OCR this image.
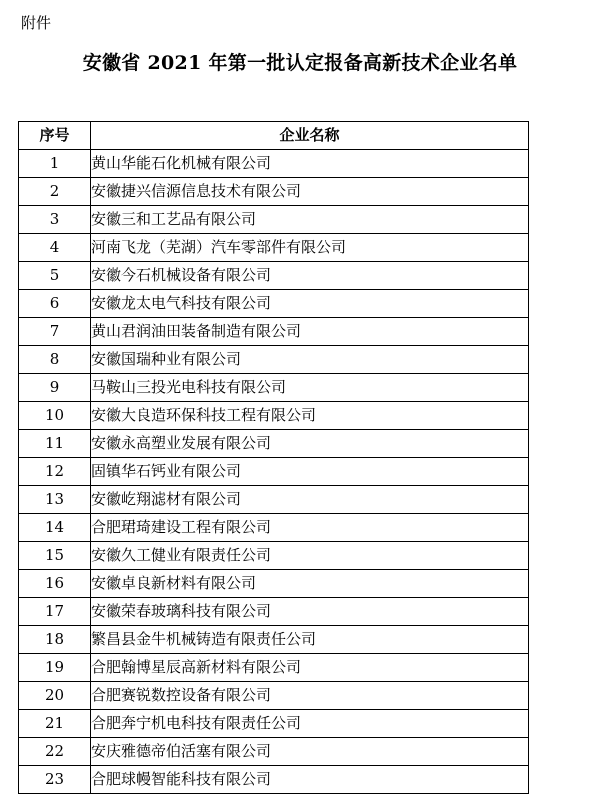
附件
安徽省 2021 年第一批认定报备高新技术企业名单
序号	企业名称
1	黄山华能石化机械有限公司
2	安徽捷兴信源信息技术有限公司
3	安徽三和工艺品有限公司
4	河南飞龙（芜湖）汽车零部件有限公司
5	安徽今石机械设备有限公司
6	安徽龙太电气科技有限公司
7	黄山君润油田装备制造有限公司
8	安徽国瑞种业有限公司
9	马鞍山三投光电科技有限公司
10	安徽大良造环保科技工程有限公司
11	安徽永高塑业发展有限公司
12	固镇华石钙业有限公司
13	安徽屹翔滤材有限公司
14	合肥珺琦建设工程有限公司
15	安徽久工健业有限责任公司
16	安徽卓良新材料有限公司
17	安徽荣春玻璃科技有限公司
18	繁昌县金牛机械铸造有限责任公司
19	合肥翰博星辰高新材料有限公司
20	合肥赛锐数控设备有限公司
21	合肥奔宁机电科技有限责任公司
22	安庆雅德帝伯活塞有限公司
23	合肥球幔智能科技有限公司
